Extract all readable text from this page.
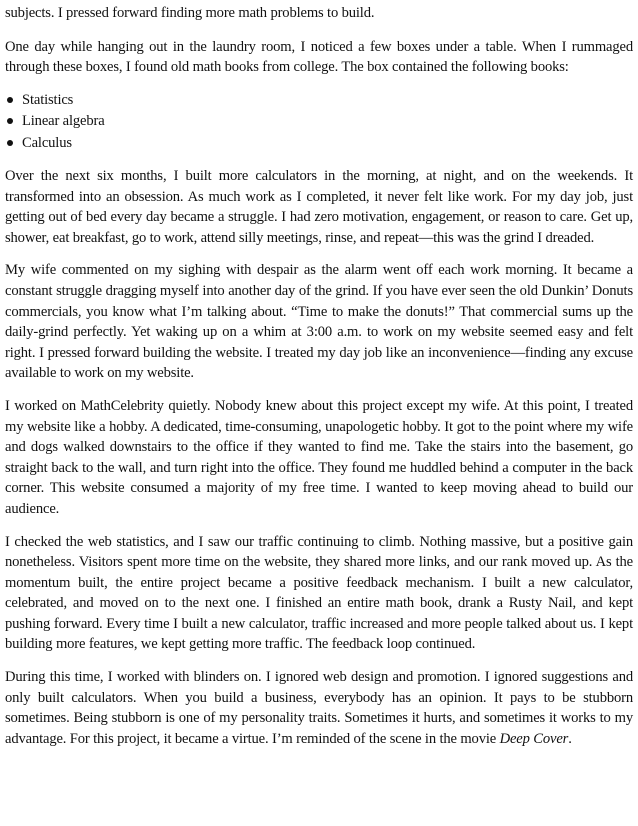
subjects. I pressed forward finding more math problems to build.

One day while hanging out in the laundry room, I noticed a few boxes under a table. When I rummaged through these boxes, I found old math books from college. The box contained the following books:

Statistics
Linear algebra
Calculus

Over the next six months, I built more calculators in the morning, at night, and on the weekends. It transformed into an obsession. As much work as I completed, it never felt like work. For my day job, just getting out of bed every day became a struggle. I had zero motivation, engagement, or reason to care. Get up, shower, eat breakfast, go to work, attend silly meetings, rinse, and repeat—this was the grind I dreaded.

My wife commented on my sighing with despair as the alarm went off each work morning. It became a constant struggle dragging myself into another day of the grind. If you have ever seen the old Dunkin’ Donuts commercials, you know what I’m talking about. “Time to make the donuts!” That commercial sums up the daily-grind perfectly. Yet waking up on a whim at 3:00 a.m. to work on my website seemed easy and felt right. I pressed forward building the website. I treated my day job like an inconvenience—finding any excuse available to work on my website.

I worked on MathCelebrity quietly. Nobody knew about this project except my wife. At this point, I treated my website like a hobby. A dedicated, time-consuming, unapologetic hobby. It got to the point where my wife and dogs walked downstairs to the office if they wanted to find me. Take the stairs into the basement, go straight back to the wall, and turn right into the office. They found me huddled behind a computer in the back corner. This website consumed a majority of my free time. I wanted to keep moving ahead to build our audience.

I checked the web statistics, and I saw our traffic continuing to climb. Nothing massive, but a positive gain nonetheless. Visitors spent more time on the website, they shared more links, and our rank moved up. As the momentum built, the entire project became a positive feedback mechanism. I built a new calculator, celebrated, and moved on to the next one. I finished an entire math book, drank a Rusty Nail, and kept pushing forward. Every time I built a new calculator, traffic increased and more people talked about us. I kept building more features, we kept getting more traffic. The feedback loop continued.

During this time, I worked with blinders on. I ignored web design and promotion. I ignored suggestions and only built calculators. When you build a business, everybody has an opinion. It pays to be stubborn sometimes. Being stubborn is one of my personality traits. Sometimes it hurts, and sometimes it works to my advantage. For this project, it became a virtue. I’m reminded of the scene in the movie Deep Cover.
